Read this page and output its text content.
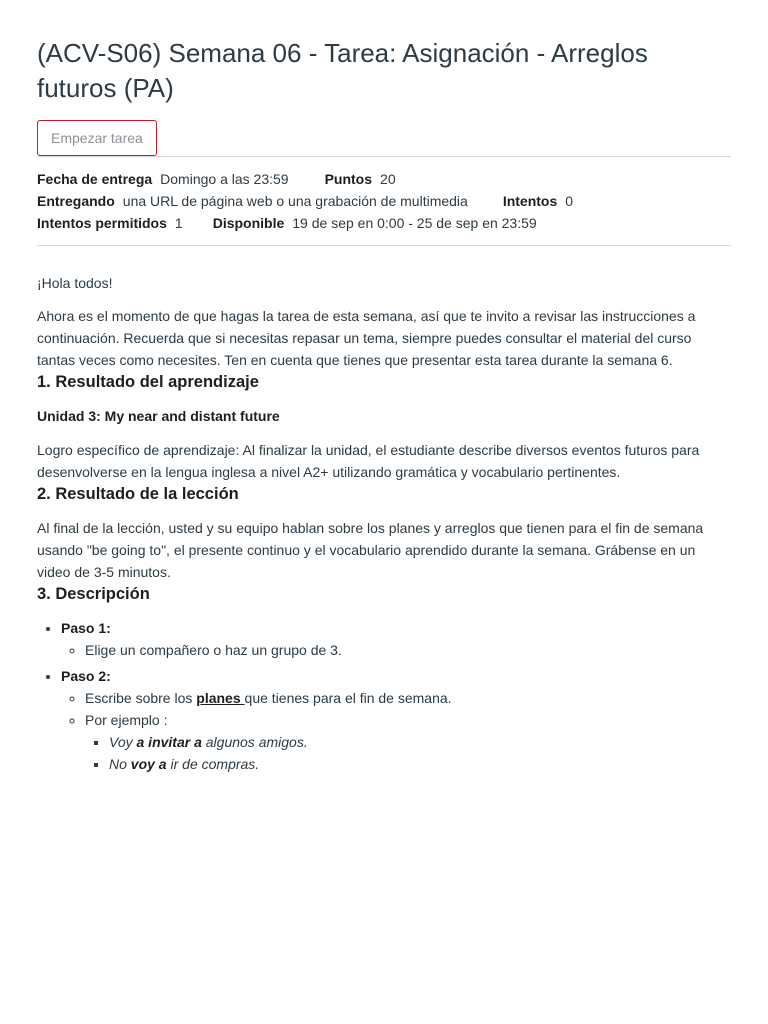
(ACV-S06) Semana 06 - Tarea: Asignación - Arreglos futuros (PA)
Empezar tarea
Fecha de entrega Domingo a las 23:59	Puntos 20
Entregando una URL de página web o una grabación de multimedia	Intentos 0
Intentos permitidos 1 Disponible 19 de sep en 0:00 - 25 de sep en 23:59

¡Hola todos!

Ahora es el momento de que hagas la tarea de esta semana, así que te invito a revisar las instrucciones a continuación. Recuerda que si necesitas repasar un tema, siempre puedes consultar el material del curso tantas veces como necesites. Ten en cuenta que tienes que presentar esta tarea durante la semana 6.

1. Resultado del aprendizaje

Unidad 3: My near and distant future

Logro específico de aprendizaje: Al finalizar la unidad, el estudiante describe diversos eventos futuros para desenvolverse en la lengua inglesa a nivel A2+ utilizando gramática y vocabulario pertinentes.

2. Resultado de la lección

Al final de la lección, usted y su equipo hablan sobre los planes y arreglos que tienen para el fin de semana usando "be going to", el presente continuo y el vocabulario aprendido durante la semana. Grábense en un video de 3-5 minutos.

3. Descripción
• Paso 1:
◦ Elige un compañero o haz un grupo de 3.
• Paso 2:
◦ Escribe sobre los planes que tienes para el fin de semana.
◦ Por ejemplo :
▪ Voy a invitar a algunos amigos.
▪ No voy a ir de compras.
